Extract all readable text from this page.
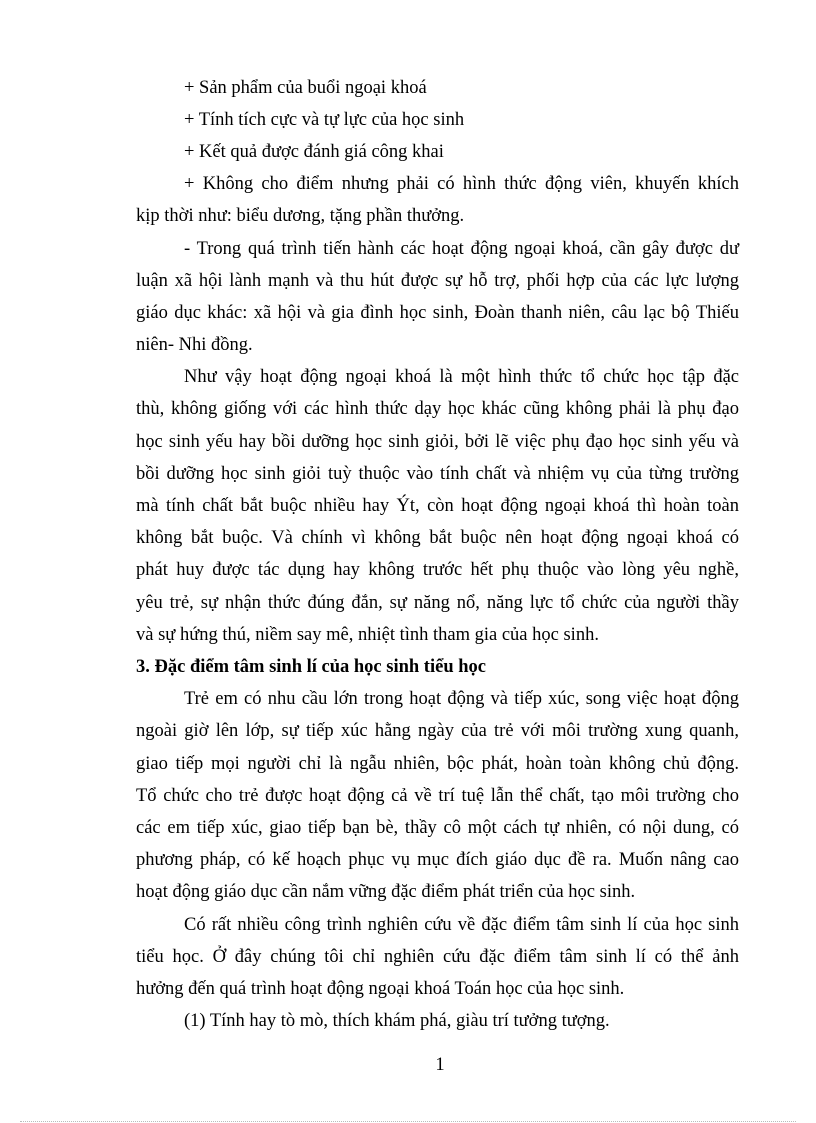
+ Sản phẩm của buổi ngoại khoá
+ Tính tích cực và tự lực của học sinh
+ Kết quả được đánh giá công khai
+ Không cho điểm nhưng phải có hình thức động viên, khuyến khích
kịp thời như: biểu dương, tặng phần thưởng.
- Trong quá trình tiến hành các hoạt động ngoại khoá, cần gây được dư
luận xã hội lành mạnh và thu hút được sự hỗ trợ, phối hợp của các lực lượng
giáo dục khác: xã hội và gia đình học sinh, Đoàn thanh niên, câu lạc bộ Thiếu
niên- Nhi đồng.
Như vậy hoạt động ngoại khoá là một hình thức tổ chức học tập đặc
thù, không giống với các hình thức dạy học khác cũng không phải là phụ đạo
học sinh yếu hay bồi dưỡng học sinh giỏi, bởi lẽ việc phụ đạo học sinh yếu và
bồi dưỡng học sinh giỏi tuỳ thuộc vào tính chất và nhiệm vụ của từng trường
mà tính chất bắt buộc nhiều hay Ýt, còn hoạt động ngoại khoá thì hoàn toàn
không bắt buộc. Và chính vì không bắt buộc nên hoạt động ngoại khoá có
phát huy được tác dụng hay không trước hết phụ thuộc vào lòng yêu nghề,
yêu trẻ, sự nhận thức đúng đắn, sự năng nổ, năng lực tổ chức của người thầy
và sự hứng thú, niềm say mê, nhiệt tình tham gia của học sinh.
3. Đặc điểm tâm sinh lí của học sinh tiểu học
Trẻ em có nhu cầu lớn trong hoạt động và tiếp xúc, song việc hoạt động
ngoài giờ lên lớp, sự tiếp xúc hằng ngày của trẻ với môi trường xung quanh,
giao tiếp mọi người chỉ là ngẫu nhiên, bộc phát, hoàn toàn không chủ động.
Tổ chức cho trẻ được hoạt động cả về trí tuệ lẫn thể chất, tạo môi trường cho
các em tiếp xúc, giao tiếp bạn bè, thầy cô một cách tự nhiên, có nội dung, có
phương pháp, có kế hoạch phục vụ mục đích giáo dục đề ra. Muốn nâng cao
hoạt động giáo dục cần nắm vững đặc điểm phát triển của học sinh.
Có rất nhiều công trình nghiên cứu về đặc điểm tâm sinh lí của học sinh
tiểu học. Ở đây chúng tôi chỉ nghiên cứu đặc điểm tâm sinh lí có thể ảnh
hưởng đến quá trình hoạt động ngoại khoá Toán học của học sinh.
(1) Tính hay tò mò, thích khám phá, giàu trí tưởng tượng.
1
